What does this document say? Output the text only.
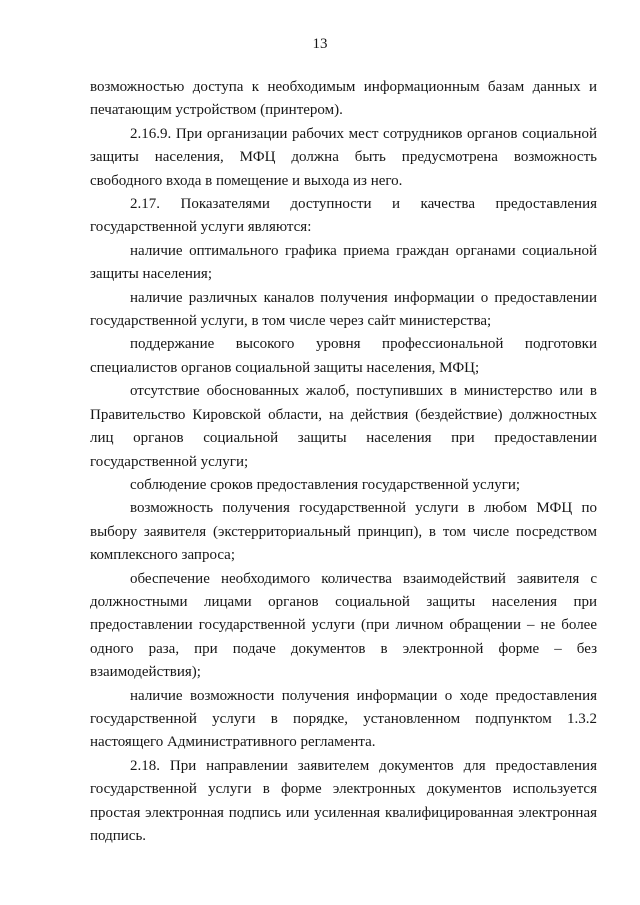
13

возможностью доступа к необходимым информационным базам данных и печатающим устройством (принтером).

2.16.9. При организации рабочих мест сотрудников органов социальной защиты населения, МФЦ должна быть предусмотрена возможность свободного входа в помещение и выхода из него.

2.17. Показателями доступности и качества предоставления государственной услуги являются:

наличие оптимального графика приема граждан органами социальной защиты населения;

наличие различных каналов получения информации о предоставлении государственной услуги, в том числе через сайт министерства;

поддержание высокого уровня профессиональной подготовки специалистов органов социальной защиты населения, МФЦ;

отсутствие обоснованных жалоб, поступивших в министерство или в Правительство Кировской области, на действия (бездействие) должностных лиц органов социальной защиты населения при предоставлении государственной услуги;

соблюдение сроков предоставления государственной услуги;

возможность получения государственной услуги в любом МФЦ по выбору заявителя (экстерриториальный принцип), в том числе посредством комплексного запроса;

обеспечение необходимого количества взаимодействий заявителя с должностными лицами органов социальной защиты населения при предоставлении государственной услуги (при личном обращении – не более одного раза, при подаче документов в электронной форме – без взаимодействия);

наличие возможности получения информации о ходе предоставления государственной услуги в порядке, установленном подпунктом 1.3.2 настоящего Административного регламента.

2.18. При направлении заявителем документов для предоставления государственной услуги в форме электронных документов используется простая электронная подпись или усиленная квалифицированная электронная подпись.
